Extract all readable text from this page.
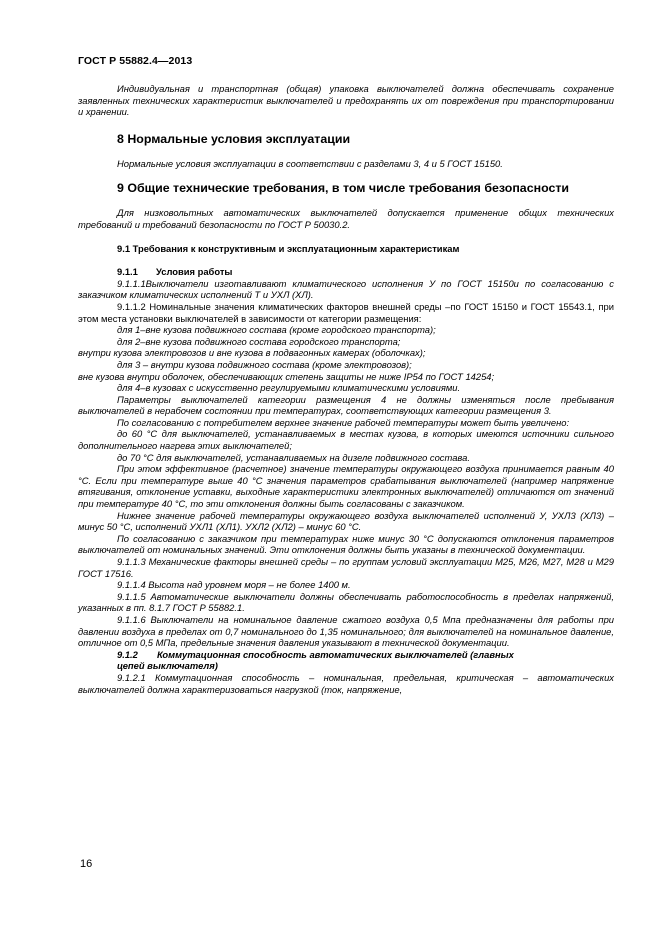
ГОСТ Р 55882.4—2013

Индивидуальная и транспортная (общая) упаковка выключателей должна обеспечивать сохранение заявленных технических характеристик выключателей и предохранять их от повреждения при транспортировании и хранении.

8 Нормальные условия эксплуатации

Нормальные условия эксплуатации в соответствии с разделами 3, 4 и 5 ГОСТ 15150.

9 Общие технические требования, в том числе требования безопасности

Для низковольтных автоматических выключателей допускается применение общих технических требований и требований безопасности по ГОСТ Р 50030.2.

9.1 Требования к конструктивным и эксплуатационным характеристикам
9.1.1 Условия работы

9.1.1.1Выключатели изготавливают климатического исполнения У по ГОСТ 15150и по согласованию с заказчиком климатических исполнений Т и УХЛ (ХЛ).

9.1.1.2 Номинальные значения климатических факторов внешней среды –по ГОСТ 15150 и ГОСТ 15543.1, при этом места установки выключателей в зависимости от категории размещения:

для 1–вне кузова подвижного состава (кроме городского транспорта);

для 2–вне кузова подвижного состава городского транспорта;

внутри кузова электровозов и вне кузова в подвагонных камерах (оболочках);

для 3 – внутри кузова подвижного состава (кроме электровозов);

вне кузова внутри оболочек, обеспечивающих степень защиты не ниже IP54 по ГОСТ 14254;

для 4–в кузовах с искусственно регулируемыми климатическими условиями.

Параметры выключателей категории размещения 4 не должны изменяться после пребывания выключателей в нерабочем состоянии при температурах, соответствующих категории размещения 3.

По согласованию с потребителем верхнее значение рабочей температуры может быть увеличено:

до 60 °С для выключателей, устанавливаемых в местах кузова, в которых имеются источники сильного дополнительного нагрева этих выключателей;

до 70 °С для выключателей, устанавливаемых на дизеле подвижного состава.

При этом эффективное (расчетное) значение температуры окружающего воздуха принимается равным 40 °С. Если при температуре выше 40 °С значения параметров срабатывания выключателей (например напряжение втягивания, отклонение уставки, выходные характеристики электронных выключателей) отличаются от значений при температуре 40 °С, то эти отклонения должны быть согласованы с заказчиком.

Нижнее значение рабочей температуры окружающего воздуха выключателей исполнений У, УХЛ3 (ХЛ3) – минус 50 °С, исполнений УХЛ1 (ХЛ1). УХЛ2 (ХЛ2) – минус 60 °С.

По согласованию с заказчиком при температурах ниже минус 30 °С допускаются отклонения параметров выключателей от номинальных значений. Эти отклонения должны быть указаны в технической документации.

9.1.1.3 Механические факторы внешней среды – по группам условий эксплуатации М25, М26, М27, М28 и М29 ГОСТ 17516.

9.1.1.4 Высота над уровнем моря – не более 1400 м.

9.1.1.5 Автоматические выключатели должны обеспечивать работоспособность в пределах напряжений, указанных в пп. 8.1.7 ГОСТ Р 55882.1.

9.1.1.6 Выключатели на номинальное давление сжатого воздуха 0,5 Мпа предназначены для работы при давлении воздуха в пределах от 0,7 номинального до 1,35 номинального; для выключателей на номинальное давление, отличное от 0,5 МПа, предельные значения давления указывают в технической документации.

9.1.2 Коммутационная способность автоматических выключателей (главных
цепей выключателя)

9.1.2.1 Коммутационная способность – номинальная, предельная, критическая – автоматических выключателей должна характеризоваться нагрузкой (ток, напряжение,

16
